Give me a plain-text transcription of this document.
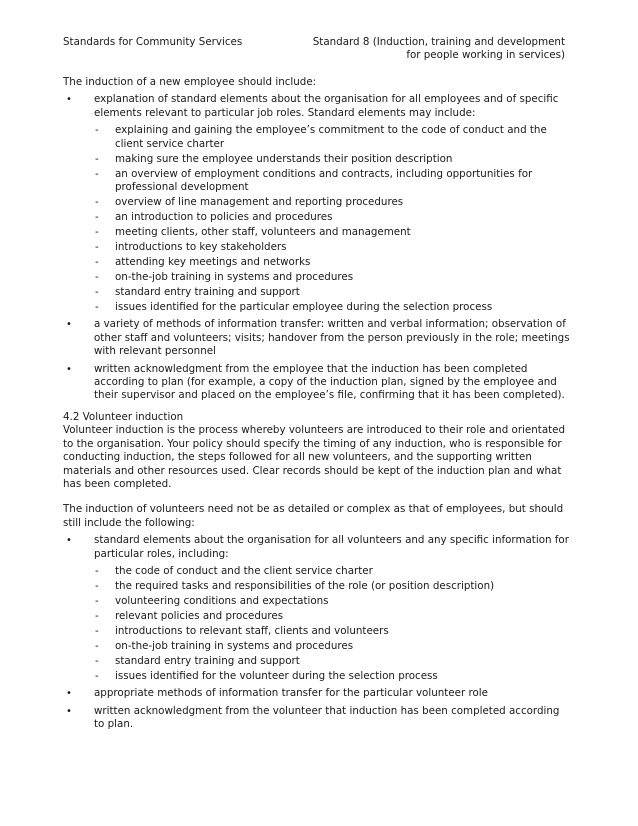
Standards for Community Services	Standard 8 (Induction, training and development
for people working in services)

The induction of a new employee should include:

• explanation of standard elements about the organisation for all employees and of specific elements relevant to particular job roles. Standard elements may include:
- explaining and gaining the employee’s commitment to the code of conduct and the client service charter
- making sure the employee understands their position description
- an overview of employment conditions and contracts, including opportunities for professional development
- overview of line management and reporting procedures
- an introduction to policies and procedures
- meeting clients, other staff, volunteers and management
- introductions to key stakeholders
- attending key meetings and networks
- on-the-job training in systems and procedures
- standard entry training and support
- issues identified for the particular employee during the selection process
• a variety of methods of information transfer: written and verbal information; observation of other staff and volunteers; visits; handover from the person previously in the role; meetings with relevant personnel
• written acknowledgment from the employee that the induction has been completed according to plan (for example, a copy of the induction plan, signed by the employee and their supervisor and placed on the employee’s file, confirming that it has been completed).
4.2 Volunteer induction

Volunteer induction is the process whereby volunteers are introduced to their role and orientated to the organisation. Your policy should specify the timing of any induction, who is responsible for conducting induction, the steps followed for all new volunteers, and the supporting written materials and other resources used. Clear records should be kept of the induction plan and what has been completed.

The induction of volunteers need not be as detailed or complex as that of employees, but should still include the following:

• standard elements about the organisation for all volunteers and any specific information for particular roles, including:
- the code of conduct and the client service charter
- the required tasks and responsibilities of the role (or position description)
- volunteering conditions and expectations
- relevant policies and procedures
- introductions to relevant staff, clients and volunteers
- on-the-job training in systems and procedures
- standard entry training and support
- issues identified for the volunteer during the selection process
• appropriate methods of information transfer for the particular volunteer role
• written acknowledgment from the volunteer that induction has been completed according to plan.
